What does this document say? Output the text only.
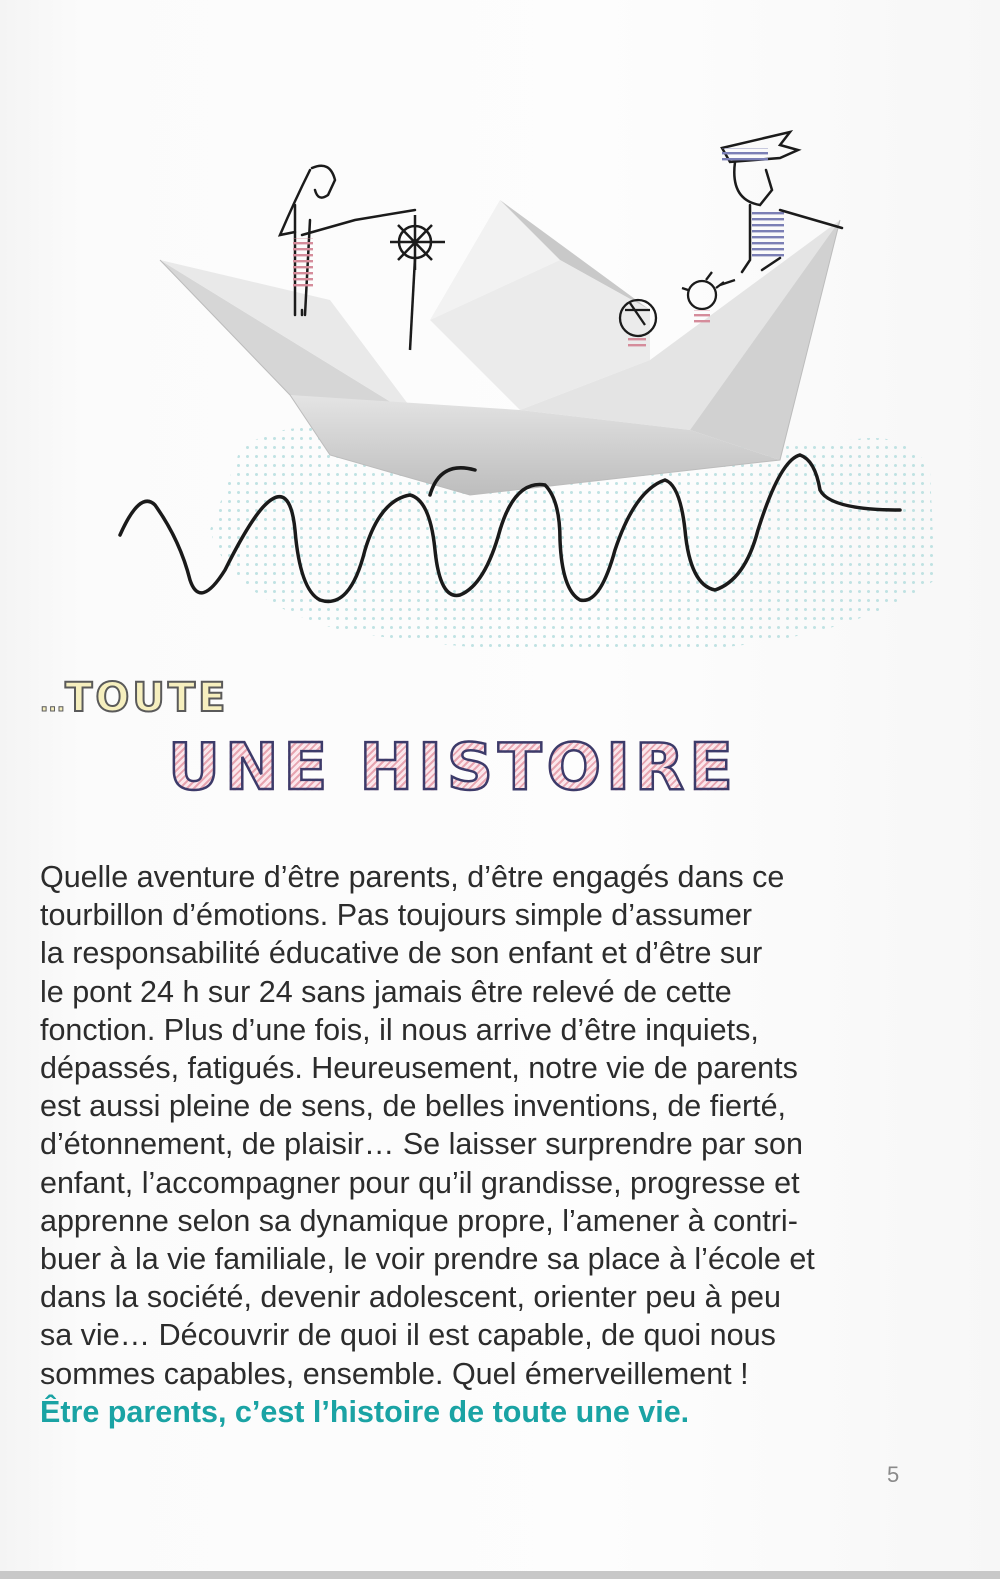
...TOUTE
UNE HISTOIRE
Quelle aventure d’être parents, d’être engagés dans ce
tourbillon d’émotions. Pas toujours simple d’assumer
la responsabilité éducative de son enfant et d’être sur
le pont 24 h sur 24 sans jamais être relevé de cette
fonction. Plus d’une fois, il nous arrive d’être inquiets,
dépassés, fatigués. Heureusement, notre vie de parents
est aussi pleine de sens, de belles inventions, de fierté,
d’étonnement, de plaisir… Se laisser surprendre par son
enfant, l’accompagner pour qu’il grandisse, progresse et
apprenne selon sa dynamique propre, l’amener à contri-
buer à la vie familiale, le voir prendre sa place à l’école et
dans la société, devenir adolescent, orienter peu à peu
sa vie… Découvrir de quoi il est capable, de quoi nous
sommes capables, ensemble. Quel émerveillement !
Être parents, c’est l’histoire de toute une vie.
5
